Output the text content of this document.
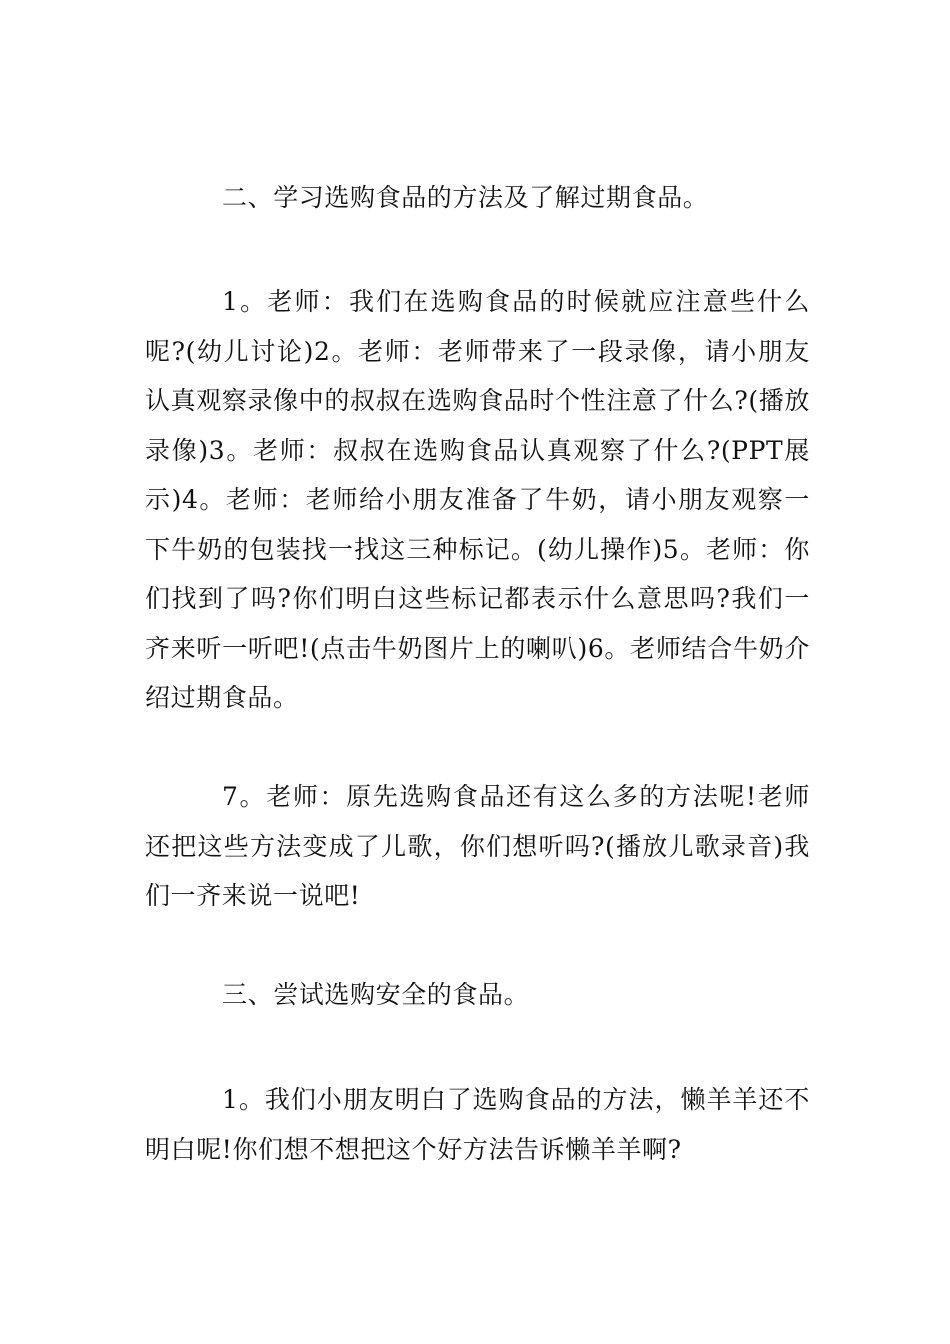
二、学习选购食品的方法及了解过期食品。

1。老师：我们在选购食品的时候就应注意些什么呢?(幼儿讨论)2。老师：老师带来了一段录像，请小朋友认真观察录像中的叔叔在选购食品时个性注意了什么?(播放录像)3。老师：叔叔在选购食品认真观察了什么?(PPT展示)4。老师：老师给小朋友准备了牛奶，请小朋友观察一下牛奶的包装找一找这三种标记。(幼儿操作)5。老师：你们找到了吗?你们明白这些标记都表示什么意思吗?我们一齐来听一听吧!(点击牛奶图片上的喇叭)6。老师结合牛奶介绍过期食品。

7。老师：原先选购食品还有这么多的方法呢!老师还把这些方法变成了儿歌，你们想听吗?(播放儿歌录音)我们一齐来说一说吧!

三、尝试选购安全的食品。

1。我们小朋友明白了选购食品的方法，懒羊羊还不明白呢!你们想不想把这个好方法告诉懒羊羊啊?
